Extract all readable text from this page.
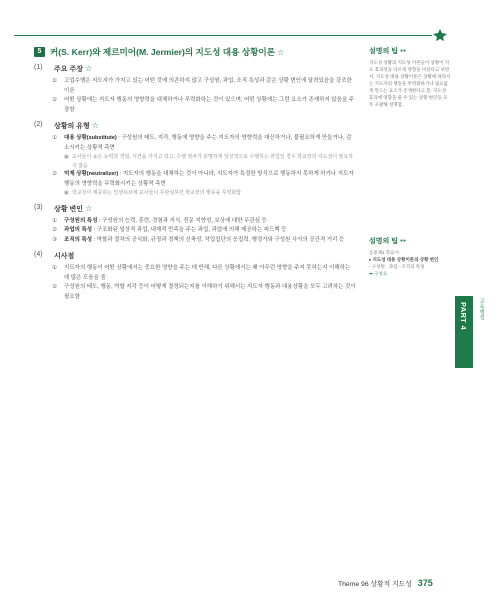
5 커(S. Kerr)와 제르미어(M. Jermier)의 지도성 대용 상황이론 ☆
(1)	주요 주장 ☆
①	고업수행은 지도자가 가지고 있는 어떤 것에 의존하지 않고 구성원, 과업, 조직 특성과 같은 상황 변인에 달려있음을 강조한 이론
②	어떤 상황에는 지도자 행동의 영향력을 대체하거나 무력화하는 것이 있으며, 어떤 상황에는 그런 요소가 존재하지 않음을 주장함
(2)	상황의 유형 ☆
①	대용 상황(substitute) : 구성원의 태도, 지각, 행동에 영향을 주는 지도자의 영향력을 대신하거나, 불필요하게 만들거나, 감소시키는 상황적 측면
▣ 교사들이 높은 능력과 경험, 식견을 가지고 있고, 수행 절차가 분명하게 일상적으로 수행하는 과업일 경우 학교장의 지도성이 필요하지 않음
②	억제 상황(neutralizer) : 지도자의 행동을 대체하는 것이 아니라, 지도자가 특정한 방식으로 행동하지 못하게 하거나 지도자 행동의 영향력을 무력화시키는 상황적 측면
▣ 학교장이 제공하는 인센티브에 교사들이 무관심하면 학교장의 행동을 무력화함
(3)	상황 변인 ☆
①	구성원의 특성 : 구성원의 능력, 훈련, 경험과 지식, 전문 지향성, 보상에 대한 무관심 등
②	과업의 특성 : 구조화된 일상적 과업, 내재적 만족을 주는 과업, 과업에 의해 제공하는 피드백 등
③	조직의 특성 : 역할과 절차의 공식화, 규정과 정책의 신축성, 작업집단의 응집력, 행정가와 구성원 사이의 공간적 거리 등
(4)	시사점
①	지도자의 행동이 어떤 상황에서는 중요한 영향을 주는 데 반해, 다른 상황에서는 왜 아무런 영향을 주지 못하는지 이해하는 데 많은 도움을 줌
②	구성원의 태도, 행동, 역할 지각 등이 어떻게 결정되는지를 이해하기 위해서는 지도자 행동과 대용상황을 모두 고려하는 것이 필요함
설명의 팁 ●●
지도성 상황의 지도성 이론들이 상황이 지도 효과성을 다르게 영향을 미친다고 보면서, 지도성 대용 상황이론은 상황에 따라서는 지도자의 행동을 무력화하거나 필요없게 만드는 요소가 존재한다고 봄. 지도성 효과에 영향을 줄 수 있는 상황 변인을 모두 포괄해 설명함.
설명의 팁 ●●
동중제1 학교시-
▸ 지도성 대용 상황이론의 상황 변인
- 구성원 · 과업 · 조직의 특성
➡ 구성요
PART 4 교육행정
Theme 96 상황적 지도성 375
